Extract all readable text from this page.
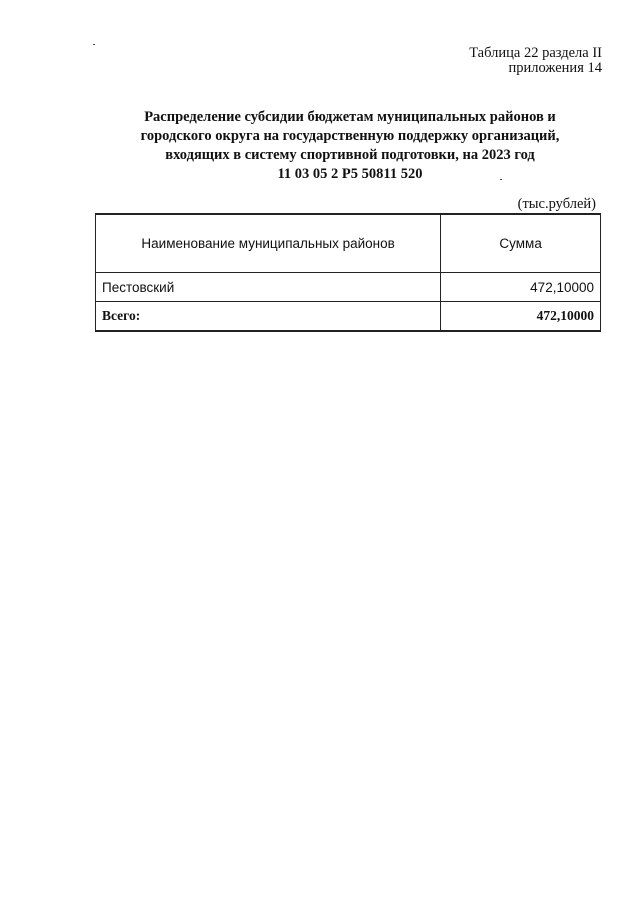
Таблица 22 раздела II
приложения 14
Распределение субсидии бюджетам муниципальных районов и
городского округа на государственную поддержку организаций,
входящих в систему спортивной подготовки, на 2023 год
11 03 05 2 P5 50811 520
(тыс.рублей)
Наименование муниципальных районов	Сумма
Пестовский	472,10000
Всего:	472,10000
